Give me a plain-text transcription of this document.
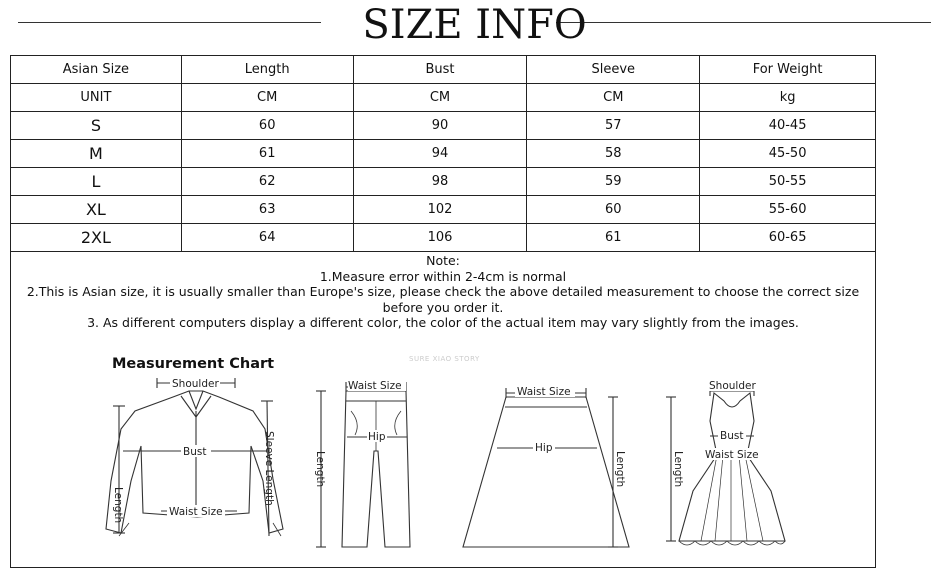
SIZE INFO
Asian Size	Length	Bust	Sleeve	For Weight
UNIT	CM	CM	CM	kg
S	60	90	57	40-45
M	61	94	58	45-50
L	62	98	59	50-55
XL	63	102	60	55-60
2XL	64	106	61	60-65
Note:
1.Measure error within 2-4cm is normal
2.This is Asian size, it is usually smaller than Europe's size, please check the above detailed measurement to choose the correct size before you order it.
3. As different computers display a different color, the color of the actual item may vary slightly from the images.
Measurement Chart	SURE XIAO STORY
Shoulder
Bust
Waist Size
Length	Sleeve Length
Waist Size
Hip
Length
Waist Size
Hip
Length
Shoulder
Bust
Waist Size
Length
